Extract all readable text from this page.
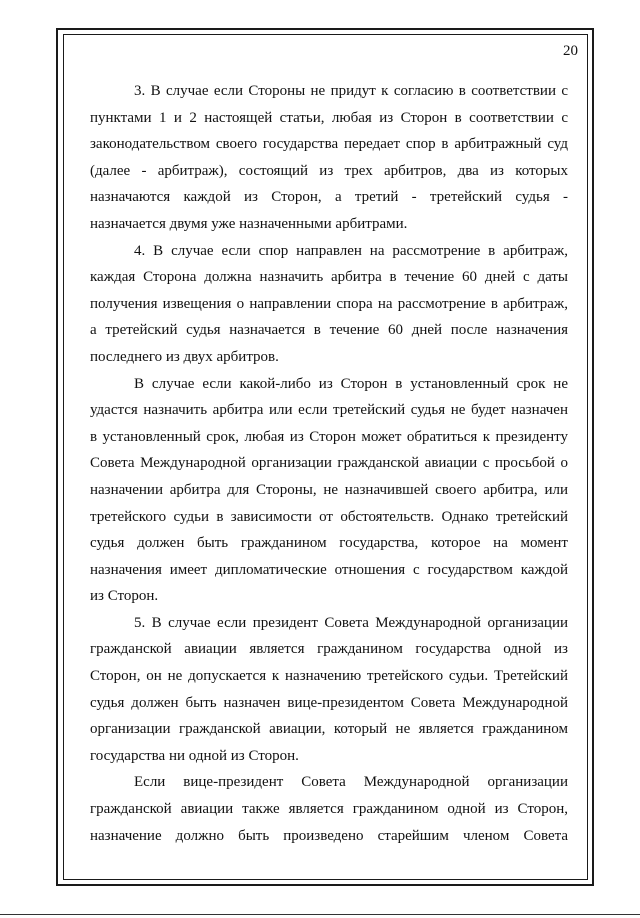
20
3. В случае если Стороны не придут к согласию в соответствии с
пунктами 1 и 2 настоящей статьи, любая из Сторон в соответствии с
законодательством своего государства передает спор в арбитражный суд
(далее - арбитраж), состоящий из трех арбитров, два из которых
назначаются каждой из Сторон, а третий - третейский судья -
назначается двумя уже назначенными арбитрами.
4. В случае если спор направлен на рассмотрение в арбитраж,
каждая Сторона должна назначить арбитра в течение 60 дней с даты
получения извещения о направлении спора на рассмотрение в арбитраж,
а третейский судья назначается в течение 60 дней после назначения
последнего из двух арбитров.
В случае если какой-либо из Сторон в установленный срок не
удастся назначить арбитра или если третейский судья не будет назначен
в установленный срок, любая из Сторон может обратиться к президенту
Совета Международной организации гражданской авиации с просьбой о
назначении арбитра для Стороны, не назначившей своего арбитра, или
третейского судьи в зависимости от обстоятельств. Однако третейский
судья должен быть гражданином государства, которое на момент
назначения имеет дипломатические отношения с государством каждой
из Сторон.
5. В случае если президент Совета Международной организации
гражданской авиации является гражданином государства одной из
Сторон, он не допускается к назначению третейского судьи. Третейский
судья должен быть назначен вице-президентом Совета Международной
организации гражданской авиации, который не является гражданином
государства ни одной из Сторон.
Если вице-президент Совета Международной организации
гражданской авиации также является гражданином одной из Сторон,
назначение должно быть произведено старейшим членом Совета
